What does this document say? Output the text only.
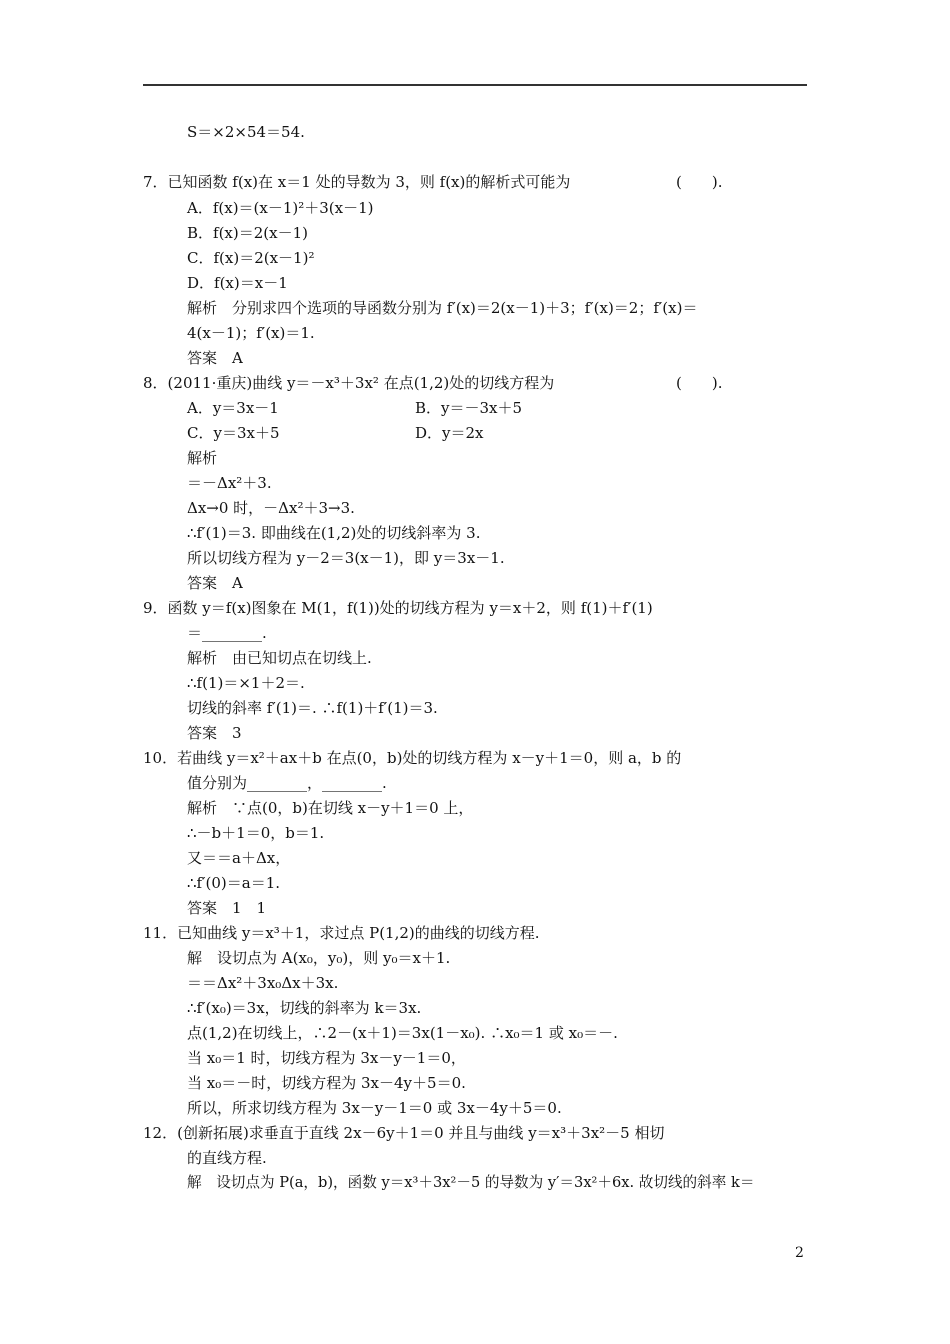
S＝×2×54＝54.
7．已知函数 f(x)在 x＝1 处的导数为 3，则 f(x)的解析式可能为	(　　).
A．f(x)＝(x－1)²＋3(x－1)
B．f(x)＝2(x－1)
C．f(x)＝2(x－1)²
D．f(x)＝x－1
解析　分别求四个选项的导函数分别为 f′(x)＝2(x－1)＋3；f′(x)＝2；f′(x)＝
4(x－1)；f′(x)＝1.
答案　A
8．(2011·重庆)曲线 y＝－x³＋3x² 在点(1,2)处的切线方程为	(　　).
A．y＝3x－1	B．y＝－3x＋5
C．y＝3x＋5	D．y＝2x
解析
＝－Δx²＋3.
Δx→0 时，－Δx²＋3→3.
∴f′(1)＝3. 即曲线在(1,2)处的切线斜率为 3.
所以切线方程为 y－2＝3(x－1)，即 y＝3x－1.
答案　A
9．函数 y＝f(x)图象在 M(1，f(1))处的切线方程为 y＝x＋2，则 f(1)＋f′(1)
＝________.
解析　由已知切点在切线上.
∴f(1)＝×1＋2＝.
切线的斜率 f′(1)＝. ∴f(1)＋f′(1)＝3.
答案　3
10．若曲线 y＝x²＋ax＋b 在点(0，b)处的切线方程为 x－y＋1＝0，则 a，b 的
值分别为________，________.
解析　∵点(0，b)在切线 x－y＋1＝0 上，
∴－b＋1＝0，b＝1.
又＝＝a＋Δx，
∴f′(0)＝a＝1.
答案　1　1
11．已知曲线 y＝x³＋1，求过点 P(1,2)的曲线的切线方程.
解　设切点为 A(x₀，y₀)，则 y₀＝x＋1.
＝＝Δx²＋3x₀Δx＋3x.
∴f′(x₀)＝3x，切线的斜率为 k＝3x.
点(1,2)在切线上，∴2－(x＋1)＝3x(1－x₀). ∴x₀＝1 或 x₀＝－.
当 x₀＝1 时，切线方程为 3x－y－1＝0，
当 x₀＝－时，切线方程为 3x－4y＋5＝0.
所以，所求切线方程为 3x－y－1＝0 或 3x－4y＋5＝0.
12．(创新拓展)求垂直于直线 2x－6y＋1＝0 并且与曲线 y＝x³＋3x²－5 相切
的直线方程.
解　设切点为 P(a，b)，函数 y＝x³＋3x²－5 的导数为 y′＝3x²＋6x. 故切线的斜率 k＝
2
